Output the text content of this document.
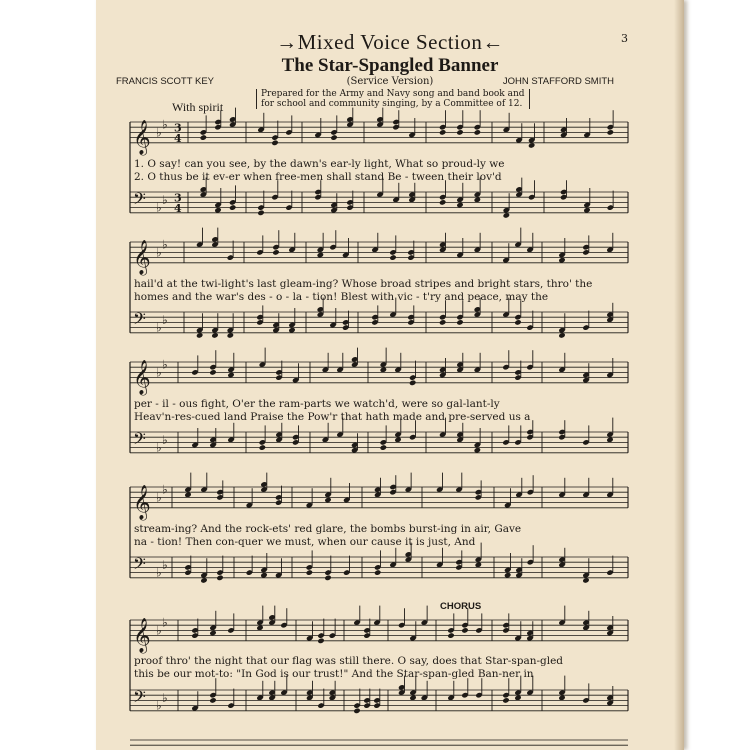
→Mixed Voice Section←	3
The Star-Spangled Banner
FRANCIS SCOTT KEY	(Service Version)	JOHN STAFFORD SMITH
Prepared for the Army and Navy song and band book and
for school and community singing, by a Committee of 12.
With spirit
CHORUS
𝄞 ♭
♭ 3
4
𝄢 ♭
♭ 3
4
𝄞 ♭
♭
𝄢 ♭
♭
𝄞 ♭
♭
𝄢 ♭
♭
𝄞 ♭
♭
𝄢 ♭
♭
𝄞 ♭
♭
𝄢 ♭
♭
1. O say! can you see, by the dawn's ear-ly light, What so proud-ly we
2. O thus be it ev-er when free-men shall stand Be - tween their lov'd
hail'd at the twi-light's last gleam-ing? Whose broad stripes and bright stars, thro' the
homes and the war's des - o - la - tion! Blest with vic - t'ry and peace, may the
per - il - ous fight, O'er the ram-parts we watch'd, were so gal-lant-ly
Heav'n-res-cued land Praise the Pow'r that hath made and pre-served us a
stream-ing? And the rock-ets' red glare, the bombs burst-ing in air, Gave
na - tion! Then con-quer we must, when our cause it is just, And
proof thro' the night that our flag was still there. O say, does that Star-span-gled
this be our mot-to: "In God is our trust!" And the Star-span-gled Ban-ner in
